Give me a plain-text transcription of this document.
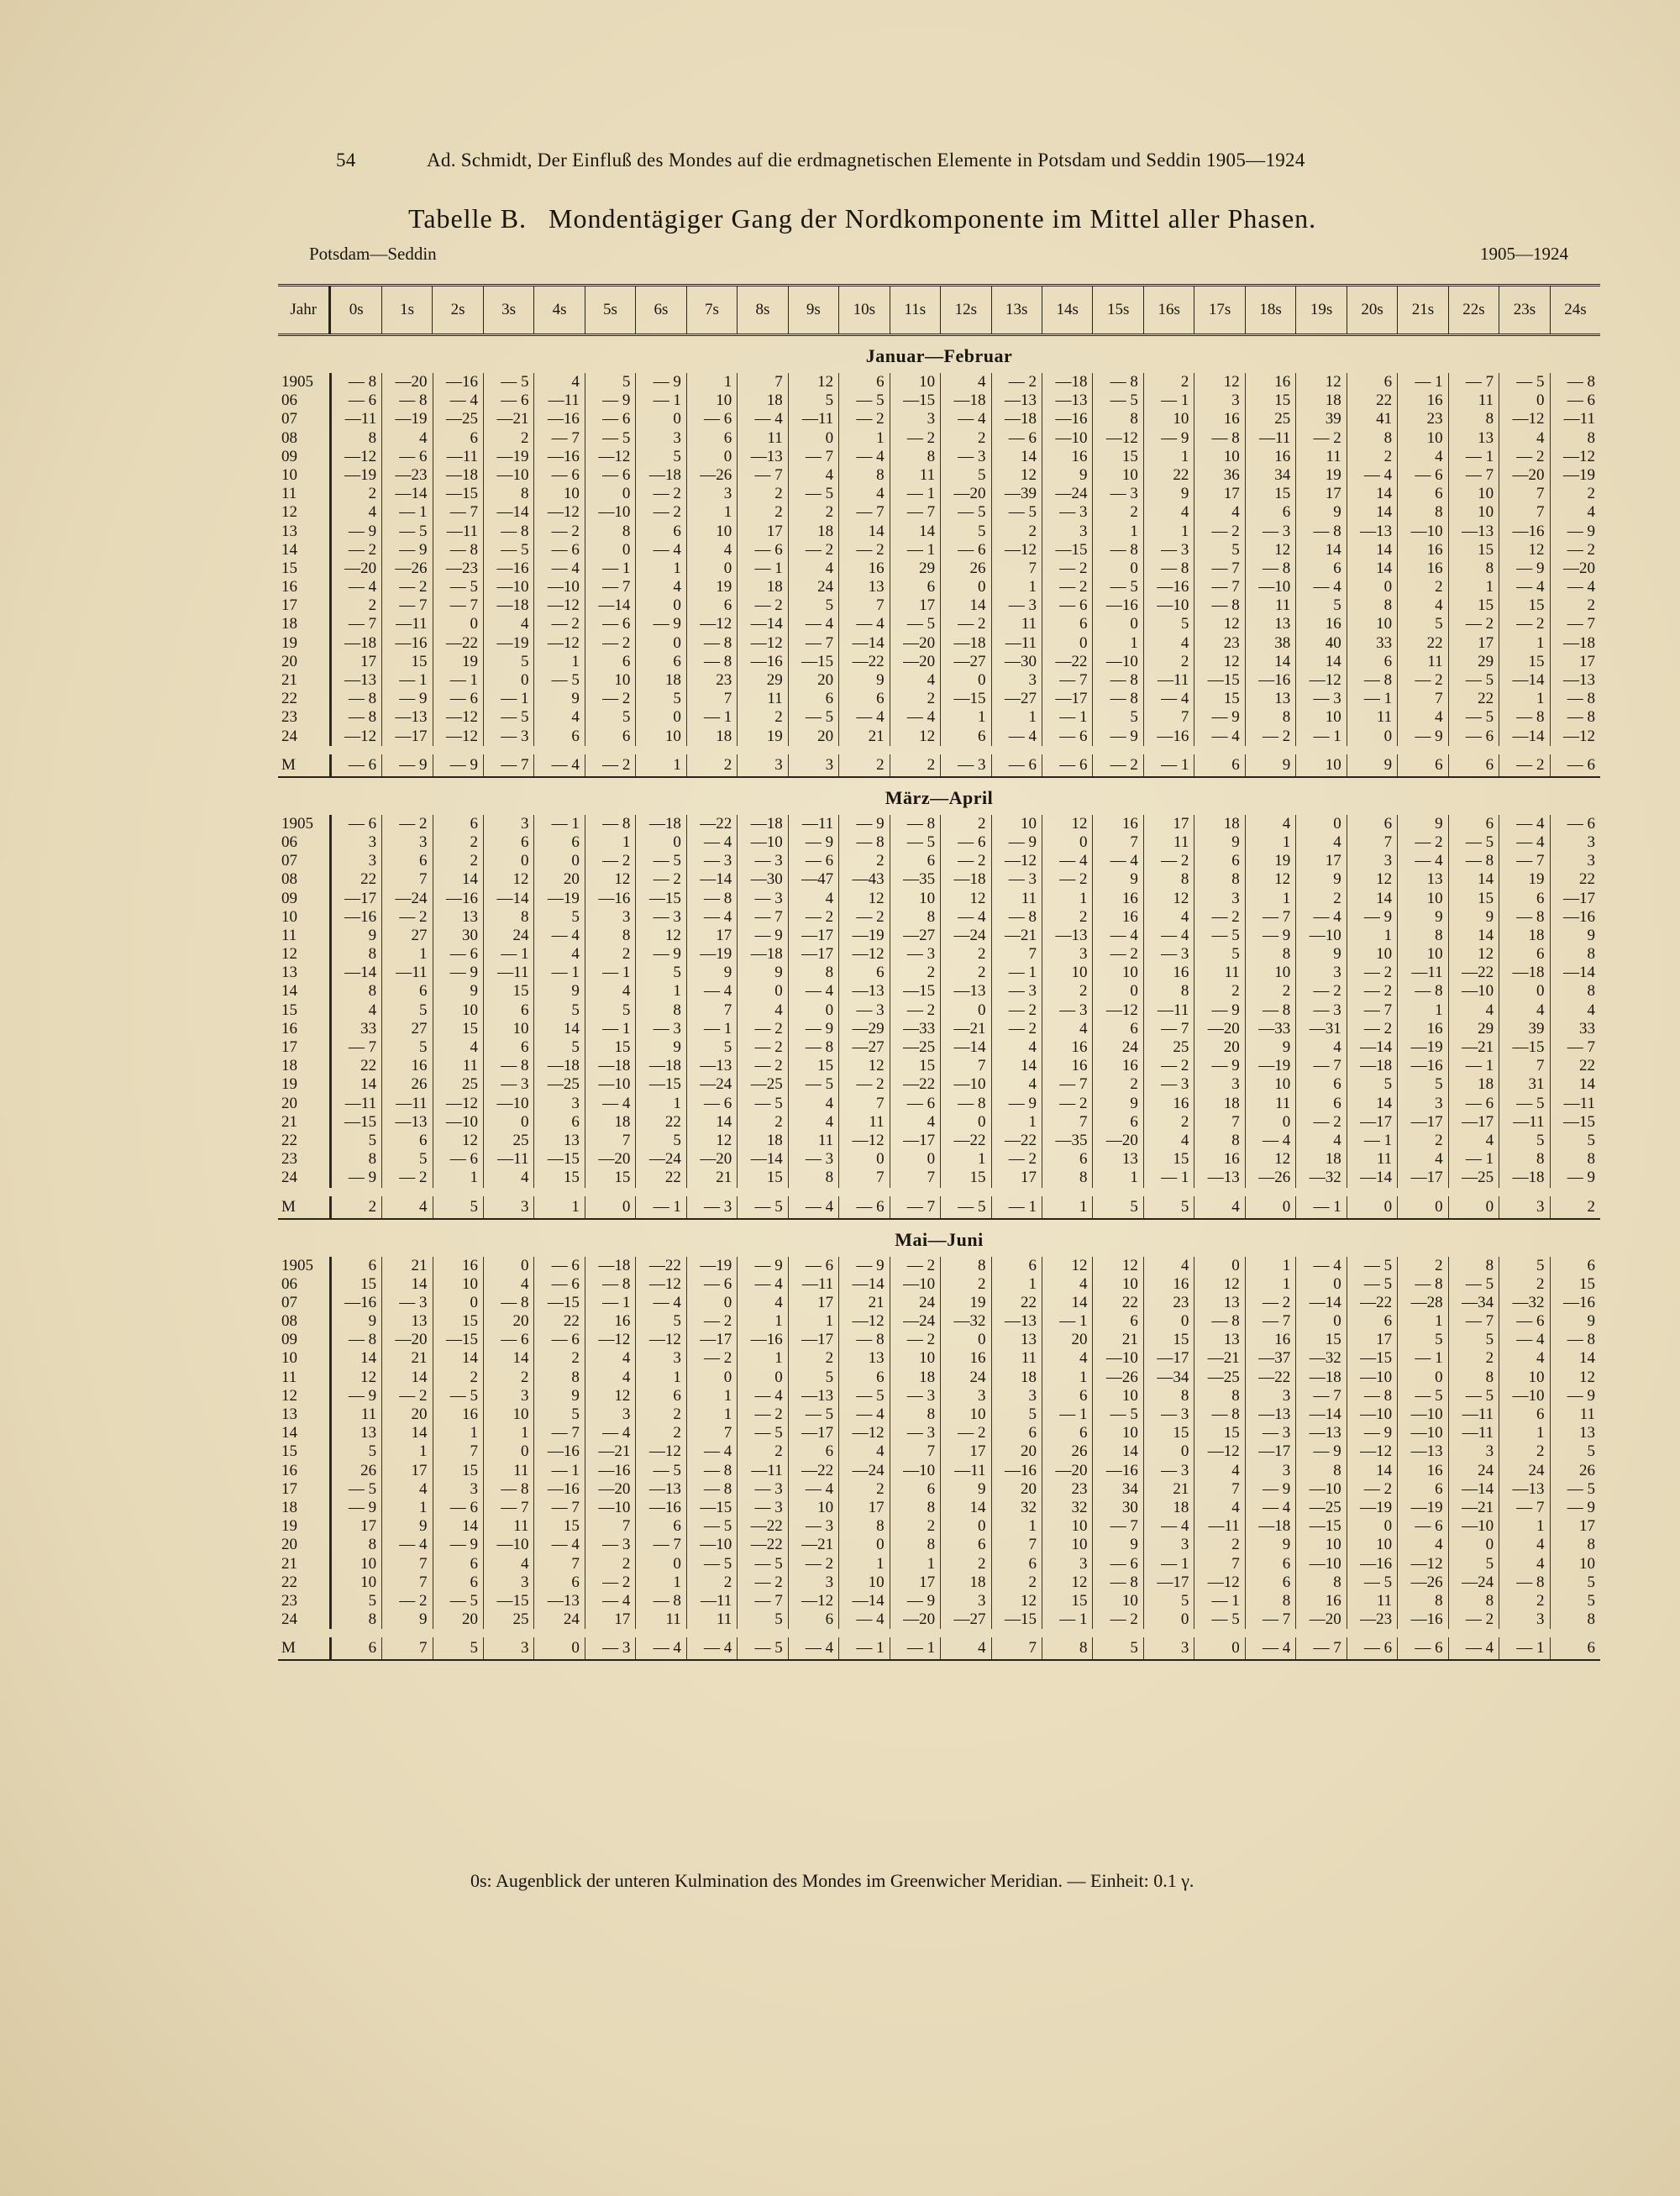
54	Ad. Schmidt, Der Einfluß des Mondes auf die erdmagnetischen Elemente in Potsdam und Seddin 1905—1924
Tabelle B. Mondentägiger Gang der Nordkomponente im Mittel aller Phasen.
Potsdam—Seddin	1905—1924
Jahr	0s	1s	2s	3s	4s	5s	6s	7s	8s	9s	10s	11s	12s	13s	14s	15s	16s	17s	18s	19s	20s	21s	22s	23s	24s
Januar—Februar
1905	— 8	—20	—16	— 5	4	5	— 9	1	7	12	6	10	4	— 2	—18	— 8	2	12	16	12	6	— 1	— 7	— 5	— 8
06	— 6	— 8	— 4	— 6	—11	— 9	— 1	10	18	5	— 5	—15	—18	—13	—13	— 5	— 1	3	15	18	22	16	11	0	— 6
07	—11	—19	—25	—21	—16	— 6	0	— 6	— 4	—11	— 2	3	— 4	—18	—16	8	10	16	25	39	41	23	8	—12	—11
08	8	4	6	2	— 7	— 5	3	6	11	0	1	— 2	2	— 6	—10	—12	— 9	— 8	—11	— 2	8	10	13	4	8
09	—12	— 6	—11	—19	—16	—12	5	0	—13	— 7	— 4	8	— 3	14	16	15	1	10	16	11	2	4	— 1	— 2	—12
10	—19	—23	—18	—10	— 6	— 6	—18	—26	— 7	4	8	11	5	12	9	10	22	36	34	19	— 4	— 6	— 7	—20	—19
11	2	—14	—15	8	10	0	— 2	3	2	— 5	4	— 1	—20	—39	—24	— 3	9	17	15	17	14	6	10	7	2
12	4	— 1	— 7	—14	—12	—10	— 2	1	2	2	— 7	— 7	— 5	— 5	— 3	2	4	4	6	9	14	8	10	7	4
13	— 9	— 5	—11	— 8	— 2	8	6	10	17	18	14	14	5	2	3	1	1	— 2	— 3	— 8	—13	—10	—13	—16	— 9
14	— 2	— 9	— 8	— 5	— 6	0	— 4	4	— 6	— 2	— 2	— 1	— 6	—12	—15	— 8	— 3	5	12	14	14	16	15	12	— 2
15	—20	—26	—23	—16	— 4	— 1	1	0	— 1	4	16	29	26	7	— 2	0	— 8	— 7	— 8	6	14	16	8	— 9	—20
16	— 4	— 2	— 5	—10	—10	— 7	4	19	18	24	13	6	0	1	— 2	— 5	—16	— 7	—10	— 4	0	2	1	— 4	— 4
17	2	— 7	— 7	—18	—12	—14	0	6	— 2	5	7	17	14	— 3	— 6	—16	—10	— 8	11	5	8	4	15	15	2
18	— 7	—11	0	4	— 2	— 6	— 9	—12	—14	— 4	— 4	— 5	— 2	11	6	0	5	12	13	16	10	5	— 2	— 2	— 7
19	—18	—16	—22	—19	—12	— 2	0	— 8	—12	— 7	—14	—20	—18	—11	0	1	4	23	38	40	33	22	17	1	—18
20	17	15	19	5	1	6	6	— 8	—16	—15	—22	—20	—27	—30	—22	—10	2	12	14	14	6	11	29	15	17
21	—13	— 1	— 1	0	— 5	10	18	23	29	20	9	4	0	3	— 7	— 8	—11	—15	—16	—12	— 8	— 2	— 5	—14	—13
22	— 8	— 9	— 6	— 1	9	— 2	5	7	11	6	6	2	—15	—27	—17	— 8	— 4	15	13	— 3	— 1	7	22	1	— 8
23	— 8	—13	—12	— 5	4	5	0	— 1	2	— 5	— 4	— 4	1	1	— 1	5	7	— 9	8	10	11	4	— 5	— 8	— 8
24	—12	—17	—12	— 3	6	6	10	18	19	20	21	12	6	— 4	— 6	— 9	—16	— 4	— 2	— 1	0	— 9	— 6	—14	—12
M	— 6	— 9	— 9	— 7	— 4	— 2	1	2	3	3	2	2	— 3	— 6	— 6	— 2	— 1	6	9	10	9	6	6	— 2	— 6
März—April
1905	— 6	— 2	6	3	— 1	— 8	—18	—22	—18	—11	— 9	— 8	2	10	12	16	17	18	4	0	6	9	6	— 4	— 6
06	3	3	2	6	6	1	0	— 4	—10	— 9	— 8	— 5	— 6	— 9	0	7	11	9	1	4	7	— 2	— 5	— 4	3
07	3	6	2	0	0	— 2	— 5	— 3	— 3	— 6	2	6	— 2	—12	— 4	— 4	— 2	6	19	17	3	— 4	— 8	— 7	3
08	22	7	14	12	20	12	— 2	—14	—30	—47	—43	—35	—18	— 3	— 2	9	8	8	12	9	12	13	14	19	22
09	—17	—24	—16	—14	—19	—16	—15	— 8	— 3	4	12	10	12	11	1	16	12	3	1	2	14	10	15	6	—17
10	—16	— 2	13	8	5	3	— 3	— 4	— 7	— 2	— 2	8	— 4	— 8	2	16	4	— 2	— 7	— 4	— 9	9	9	— 8	—16
11	9	27	30	24	— 4	8	12	17	— 9	—17	—19	—27	—24	—21	—13	— 4	— 4	— 5	— 9	—10	1	8	14	18	9
12	8	1	— 6	— 1	4	2	— 9	—19	—18	—17	—12	— 3	2	7	3	— 2	— 3	5	8	9	10	10	12	6	8
13	—14	—11	— 9	—11	— 1	— 1	5	9	9	8	6	2	2	— 1	10	10	16	11	10	3	— 2	—11	—22	—18	—14
14	8	6	9	15	9	4	1	— 4	0	— 4	—13	—15	—13	— 3	2	0	8	2	2	— 2	— 2	— 8	—10	0	8
15	4	5	10	6	5	5	8	7	4	0	— 3	— 2	0	— 2	— 3	—12	—11	— 9	— 8	— 3	— 7	1	4	4	4
16	33	27	15	10	14	— 1	— 3	— 1	— 2	— 9	—29	—33	—21	— 2	4	6	— 7	—20	—33	—31	— 2	16	29	39	33
17	— 7	5	4	6	5	15	9	5	— 2	— 8	—27	—25	—14	4	16	24	25	20	9	4	—14	—19	—21	—15	— 7
18	22	16	11	— 8	—18	—18	—18	—13	— 2	15	12	15	7	14	16	16	— 2	— 9	—19	— 7	—18	—16	— 1	7	22
19	14	26	25	— 3	—25	—10	—15	—24	—25	— 5	— 2	—22	—10	4	— 7	2	— 3	3	10	6	5	5	18	31	14
20	—11	—11	—12	—10	3	— 4	1	— 6	— 5	4	7	— 6	— 8	— 9	— 2	9	16	18	11	6	14	3	— 6	— 5	—11
21	—15	—13	—10	0	6	18	22	14	2	4	11	4	0	1	7	6	2	7	0	— 2	—17	—17	—17	—11	—15
22	5	6	12	25	13	7	5	12	18	11	—12	—17	—22	—22	—35	—20	4	8	— 4	4	— 1	2	4	5	5
23	8	5	— 6	—11	—15	—20	—24	—20	—14	— 3	0	0	1	— 2	6	13	15	16	12	18	11	4	— 1	8	8
24	— 9	— 2	1	4	15	15	22	21	15	8	7	7	15	17	8	1	— 1	—13	—26	—32	—14	—17	—25	—18	— 9
M	2	4	5	3	1	0	— 1	— 3	— 5	— 4	— 6	— 7	— 5	— 1	1	5	5	4	0	— 1	0	0	0	3	2
Mai—Juni
1905	6	21	16	0	— 6	—18	—22	—19	— 9	— 6	— 9	— 2	8	6	12	12	4	0	1	— 4	— 5	2	8	5	6
06	15	14	10	4	— 6	— 8	—12	— 6	— 4	—11	—14	—10	2	1	4	10	16	12	1	0	— 5	— 8	— 5	2	15
07	—16	— 3	0	— 8	—15	— 1	— 4	0	4	17	21	24	19	22	14	22	23	13	— 2	—14	—22	—28	—34	—32	—16
08	9	13	15	20	22	16	5	— 2	1	1	—12	—24	—32	—13	— 1	6	0	— 8	— 7	0	6	1	— 7	— 6	9
09	— 8	—20	—15	— 6	— 6	—12	—12	—17	—16	—17	— 8	— 2	0	13	20	21	15	13	16	15	17	5	5	— 4	— 8
10	14	21	14	14	2	4	3	— 2	1	2	13	10	16	11	4	—10	—17	—21	—37	—32	—15	— 1	2	4	14
11	12	14	2	2	8	4	1	0	0	5	6	18	24	18	1	—26	—34	—25	—22	—18	—10	0	8	10	12
12	— 9	— 2	— 5	3	9	12	6	1	— 4	—13	— 5	— 3	3	3	6	10	8	8	3	— 7	— 8	— 5	— 5	—10	— 9
13	11	20	16	10	5	3	2	1	— 2	— 5	— 4	8	10	5	— 1	— 5	— 3	— 8	—13	—14	—10	—10	—11	6	11
14	13	14	1	1	— 7	— 4	2	7	— 5	—17	—12	— 3	— 2	6	6	10	15	15	— 3	—13	— 9	—10	—11	1	13
15	5	1	7	0	—16	—21	—12	— 4	2	6	4	7	17	20	26	14	0	—12	—17	— 9	—12	—13	3	2	5
16	26	17	15	11	— 1	—16	— 5	— 8	—11	—22	—24	—10	—11	—16	—20	—16	— 3	4	3	8	14	16	24	24	26
17	— 5	4	3	— 8	—16	—20	—13	— 8	— 3	— 4	2	6	9	20	23	34	21	7	— 9	—10	— 2	6	—14	—13	— 5
18	— 9	1	— 6	— 7	— 7	—10	—16	—15	— 3	10	17	8	14	32	32	30	18	4	— 4	—25	—19	—19	—21	— 7	— 9
19	17	9	14	11	15	7	6	— 5	—22	— 3	8	2	0	1	10	— 7	— 4	—11	—18	—15	0	— 6	—10	1	17
20	8	— 4	— 9	—10	— 4	— 3	— 7	—10	—22	—21	0	8	6	7	10	9	3	2	9	10	10	4	0	4	8
21	10	7	6	4	7	2	0	— 5	— 5	— 2	1	1	2	6	3	— 6	— 1	7	6	—10	—16	—12	5	4	10
22	10	7	6	3	6	— 2	1	2	— 2	3	10	17	18	2	12	— 8	—17	—12	6	8	— 5	—26	—24	— 8	5
23	5	— 2	— 5	—15	—13	— 4	— 8	—11	— 7	—12	—14	— 9	3	12	15	10	5	— 1	8	16	11	8	8	2	5
24	8	9	20	25	24	17	11	11	5	6	— 4	—20	—27	—15	— 1	— 2	0	— 5	— 7	—20	—23	—16	— 2	3	8
M	6	7	5	3	0	— 3	— 4	— 4	— 5	— 4	— 1	— 1	4	7	8	5	3	0	— 4	— 7	— 6	— 6	— 4	— 1	6
0s: Augenblick der unteren Kulmination des Mondes im Greenwicher Meridian. — Einheit: 0.1 γ.
